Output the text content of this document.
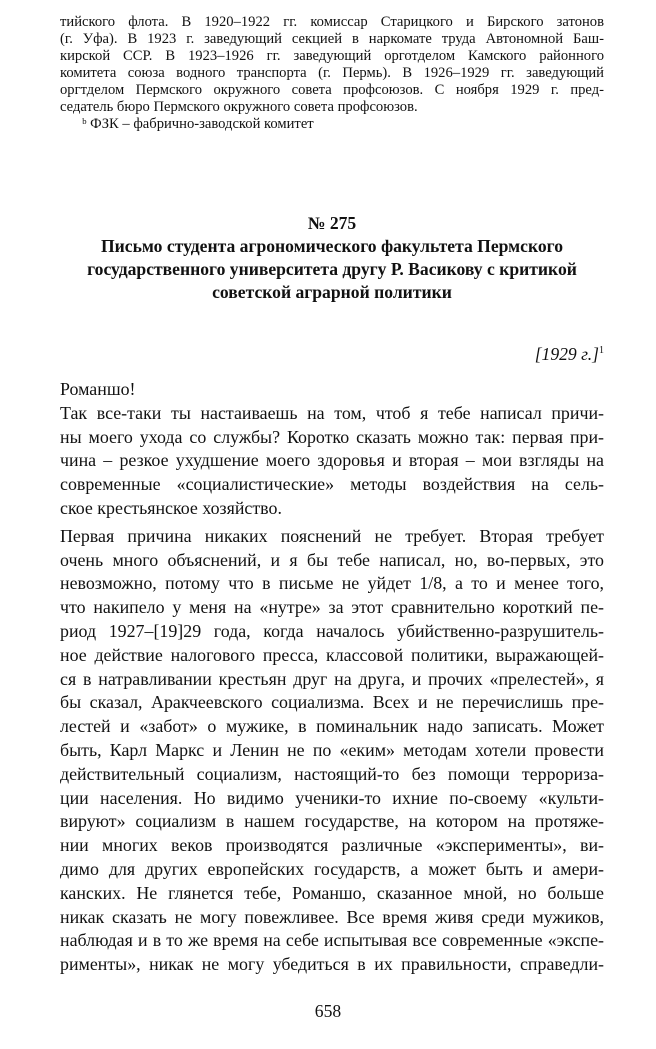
тийского флота. В 1920–1922 гг. комиссар Старицкого и Бирского затонов

(г. Уфа). В 1923 г. заведующий секцией в наркомате труда Автономной Баш-

кирской ССР. В 1923–1926 гг. заведующий орготделом Камского районного

комитета союза водного транспорта (г. Пермь). В 1926–1929 гг. заведующий

оргтделом Пермского окружного совета профсоюзов. С ноября 1929 г. пред-

седатель бюро Пермского окружного совета профсоюзов.

ᵇ ФЗК – фабрично-заводской комитет

№ 275
Письмо студента агрономического факультета Пермского
государственного университета другу Р. Васикову с критикой
советской аграрной политики
[1929 г.]$^1$
Романшо!
Так все-таки ты настаиваешь на том, чтоб я тебе написал причи-
ны моего ухода со службы? Коротко сказать можно так: первая при-
чина – резкое ухудшение моего здоровья и вторая – мои взгляды на
современные «социалистические» методы воздействия на сель-
ское крестьянское хозяйство.
Первая причина никаких пояснений не требует. Вторая требует
очень много объяснений, и я бы тебе написал, но, во-первых, это
невозможно, потому что в письме не уйдет 1/8, а то и менее того,
что накипело у меня на «нутре» за этот сравнительно короткий пе-
риод 1927–[19]29 года, когда началось убийственно-разрушитель-
ное действие налогового пресса, классовой политики, выражающей-
ся в натравливании крестьян друг на друга, и прочих «прелестей», я
бы сказал, Аракчеевского социализма. Всех и не перечислишь пре-
лестей и «забот» о мужике, в поминальник надо записать. Может
быть, Карл Маркс и Ленин не по «еким» методам хотели провести
действительный социализм, настоящий-то без помощи терроризa-
ции населения. Но видимо ученики-то ихние по-своему «культи-
вируют» социализм в нашем государстве, на котором на протяже-
нии многих веков производятся различные «эксперименты», ви-
димо для других европейских государств, а может быть и амери-
канских. Не глянется тебе, Романшо, сказанное мной, но больше
никак сказать не могу повежливее. Все время живя среди мужиков,
наблюдая и в то же время на себе испытывая все современные «экспе-
рименты», никак не могу убедиться в их правильности, справедли-
658
